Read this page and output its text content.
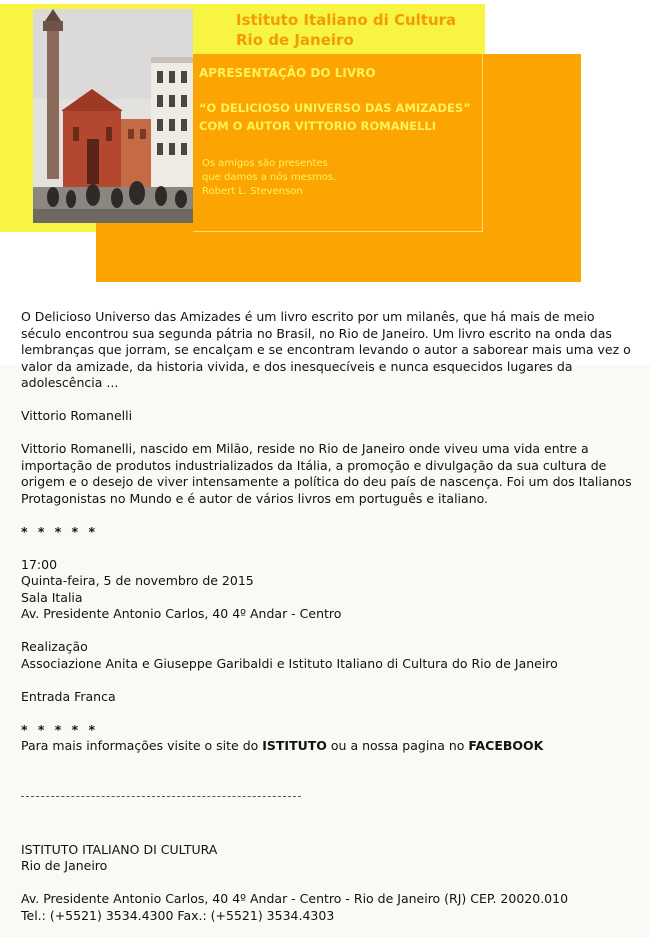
Istituto Italiano di Cultura
Rio de Janeiro
APRESENTAÇÃO DO LIVRO
“O DELICIOSO UNIVERSO DAS AMIZADES”
COM O AUTOR VITTORIO ROMANELLI
Os amigos são presentes
que damos a nós mesmos.
Robert L. Stevenson

O Delicioso Universo das Amizades é um livro escrito por um milanês, que há mais de meio século encontrou sua segunda pátria no Brasil, no Rio de Janeiro. Um livro escrito na onda das lembranças que jorram, se encalçam e se encontram levando o autor a saborear mais uma vez o valor da amizade, da historia vivida, e dos inesquecíveis e nunca esquecidos lugares da adolescência ...

Vittorio Romanelli

Vittorio Romanelli, nascido em Milão, reside no Rio de Janeiro onde viveu uma vida entre a importação de produtos industrializados da Itália, a promoção e divulgação da sua cultura de origem e o desejo de viver intensamente a política do deu país de nascença. Foi um dos Italianos Protagonistas no Mundo e é autor de vários livros em português e italiano.

* * * * *

17:00

Quinta-feira, 5 de novembro de 2015

Sala Italia

Av. Presidente Antonio Carlos, 40 4º Andar - Centro

Realização

Associazione Anita e Giuseppe Garibaldi e Istituto Italiano di Cultura do Rio de Janeiro

Entrada Franca

* * * * *

Para mais informações visite o site do ISTITUTO ou a nossa pagina no FACEBOOK

ISTITUTO ITALIANO DI CULTURA

Rio de Janeiro

Av. Presidente Antonio Carlos, 40 4º Andar - Centro - Rio de Janeiro (RJ) CEP. 20020.010

Tel.: (+5521) 3534.4300 Fax.: (+5521) 3534.4303
